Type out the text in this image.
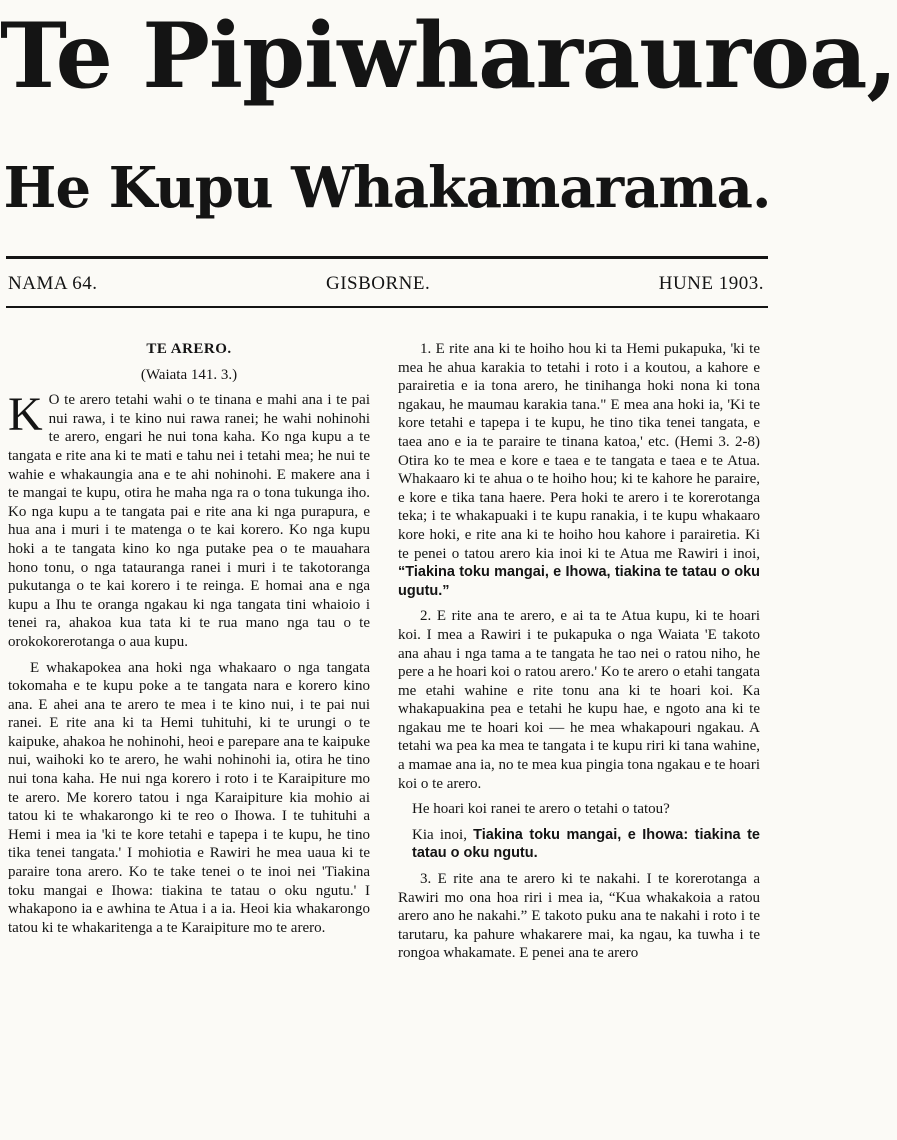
Te Pipiwharauroa,
He Kupu Whakamarama.
NAMA 64.	GISBORNE.	HUNE 1903.

TE ARERO.

(Waiata 141. 3.)

K O te arero tetahi wahi o te tinana e mahi ana i te pai nui rawa, i te kino nui rawa ranei; he wahi nohinohi te arero, engari he nui tona kaha. Ko nga kupu a te tangata e rite ana ki te mati e tahu nei i tetahi mea; he nui te wahie e whakaungia ana e te ahi nohinohi. E makere ana i te mangai te kupu, otira he maha nga ra o tona tukunga iho. Ko nga kupu a te tangata pai e rite ana ki nga purapura, e hua ana i muri i te matenga o te kai korero. Ko nga kupu hoki a te tangata kino ko nga putake pea o te mauahara hono tonu, o nga tatauranga ranei i muri i te takotoranga pukutanga o te kai korero i te reinga. E homai ana e nga kupu a Ihu te oranga ngakau ki nga tangata tini whaioio i tenei ra, ahakoa kua tata ki te rua mano nga tau o te orokokorerotanga o aua kupu.

E whakapokea ana hoki nga whakaaro o nga tangata tokomaha e te kupu poke a te tangata nara e korero kino ana. E ahei ana te arero te mea i te kino nui, i te pai nui ranei. E rite ana ki ta Hemi tuhituhi, ki te urungi o te kaipuke, ahakoa he nohinohi, heoi e parepare ana te kaipuke nui, waihoki ko te arero, he wahi nohinohi ia, otira he tino nui tona kaha. He nui nga korero i roto i te Karaipiture mo te arero. Me korero tatou i nga Karaipiture kia mohio ai tatou ki te whakarongo ki te reo o Ihowa. I te tuhituhi a Hemi i mea ia 'ki te kore tetahi e tapepa i te kupu, he tino tika tenei tangata.' I mohiotia e Rawiri he mea uaua ki te paraire tona arero. Ko te take tenei o te inoi nei 'Tiakina toku mangai e Ihowa: tiakina te tatau o oku ngutu.' I whakapono ia e awhina te Atua i a ia. Heoi kia whakarongo tatou ki te whakaritenga a te Karaipiture mo te arero.

1. E rite ana ki te hoiho hou ki ta Hemi pukapuka, 'ki te mea he ahua karakia to tetahi i roto i a koutou, a kahore e parairetia e ia tona arero, he tinihanga hoki nona ki tona ngakau, he maumau karakia tana." E mea ana hoki ia, 'Ki te kore tetahi e tapepa i te kupu, he tino tika tenei tangata, e taea ano e ia te paraire te tinana katoa,' etc. (Hemi 3. 2-8) Otira ko te mea e kore e taea e te tangata e taea e te Atua. Whakaaro ki te ahua o te hoiho hou; ki te kahore he paraire, e kore e tika tana haere. Pera hoki te arero i te korerotanga teka; i te whakapuaki i te kupu ranakia, i te kupu whakaaro kore hoki, e rite ana ki te hoiho hou kahore i parairetia. Ki te penei o tatou arero kia inoi ki te Atua me Rawiri i inoi, “Tiakina toku mangai, e Ihowa, tiakina te tatau o oku ugutu.”

2. E rite ana te arero, e ai ta te Atua kupu, ki te hoari koi. I mea a Rawiri i te pukapuka o nga Waiata 'E takoto ana ahau i nga tama a te tangata he tao nei o ratou niho, he pere a he hoari koi o ratou arero.' Ko te arero o etahi tangata me etahi wahine e rite tonu ana ki te hoari koi. Ka whakapuakina pea e tetahi he kupu hae, e ngoto ana ki te ngakau me te hoari koi — he mea whakapouri ngakau. A tetahi wa pea ka mea te tangata i te kupu riri ki tana wahine, a mamae ana ia, no te mea kua pingia tona ngakau e te hoari koi o te arero.

He hoari koi ranei te arero o tetahi o tatou?

Kia inoi, Tiakina toku mangai, e Ihowa: tiakina te tatau o oku ngutu.

3. E rite ana te arero ki te nakahi. I te korerotanga a Rawiri mo ona hoa riri i mea ia, “Kua whakakoia a ratou arero ano he nakahi.” E takoto puku ana te nakahi i roto i te tarutaru, ka pahure whakarere mai, ka ngau, ka tuwha i te rongoa whakamate. E penei ana te arero
